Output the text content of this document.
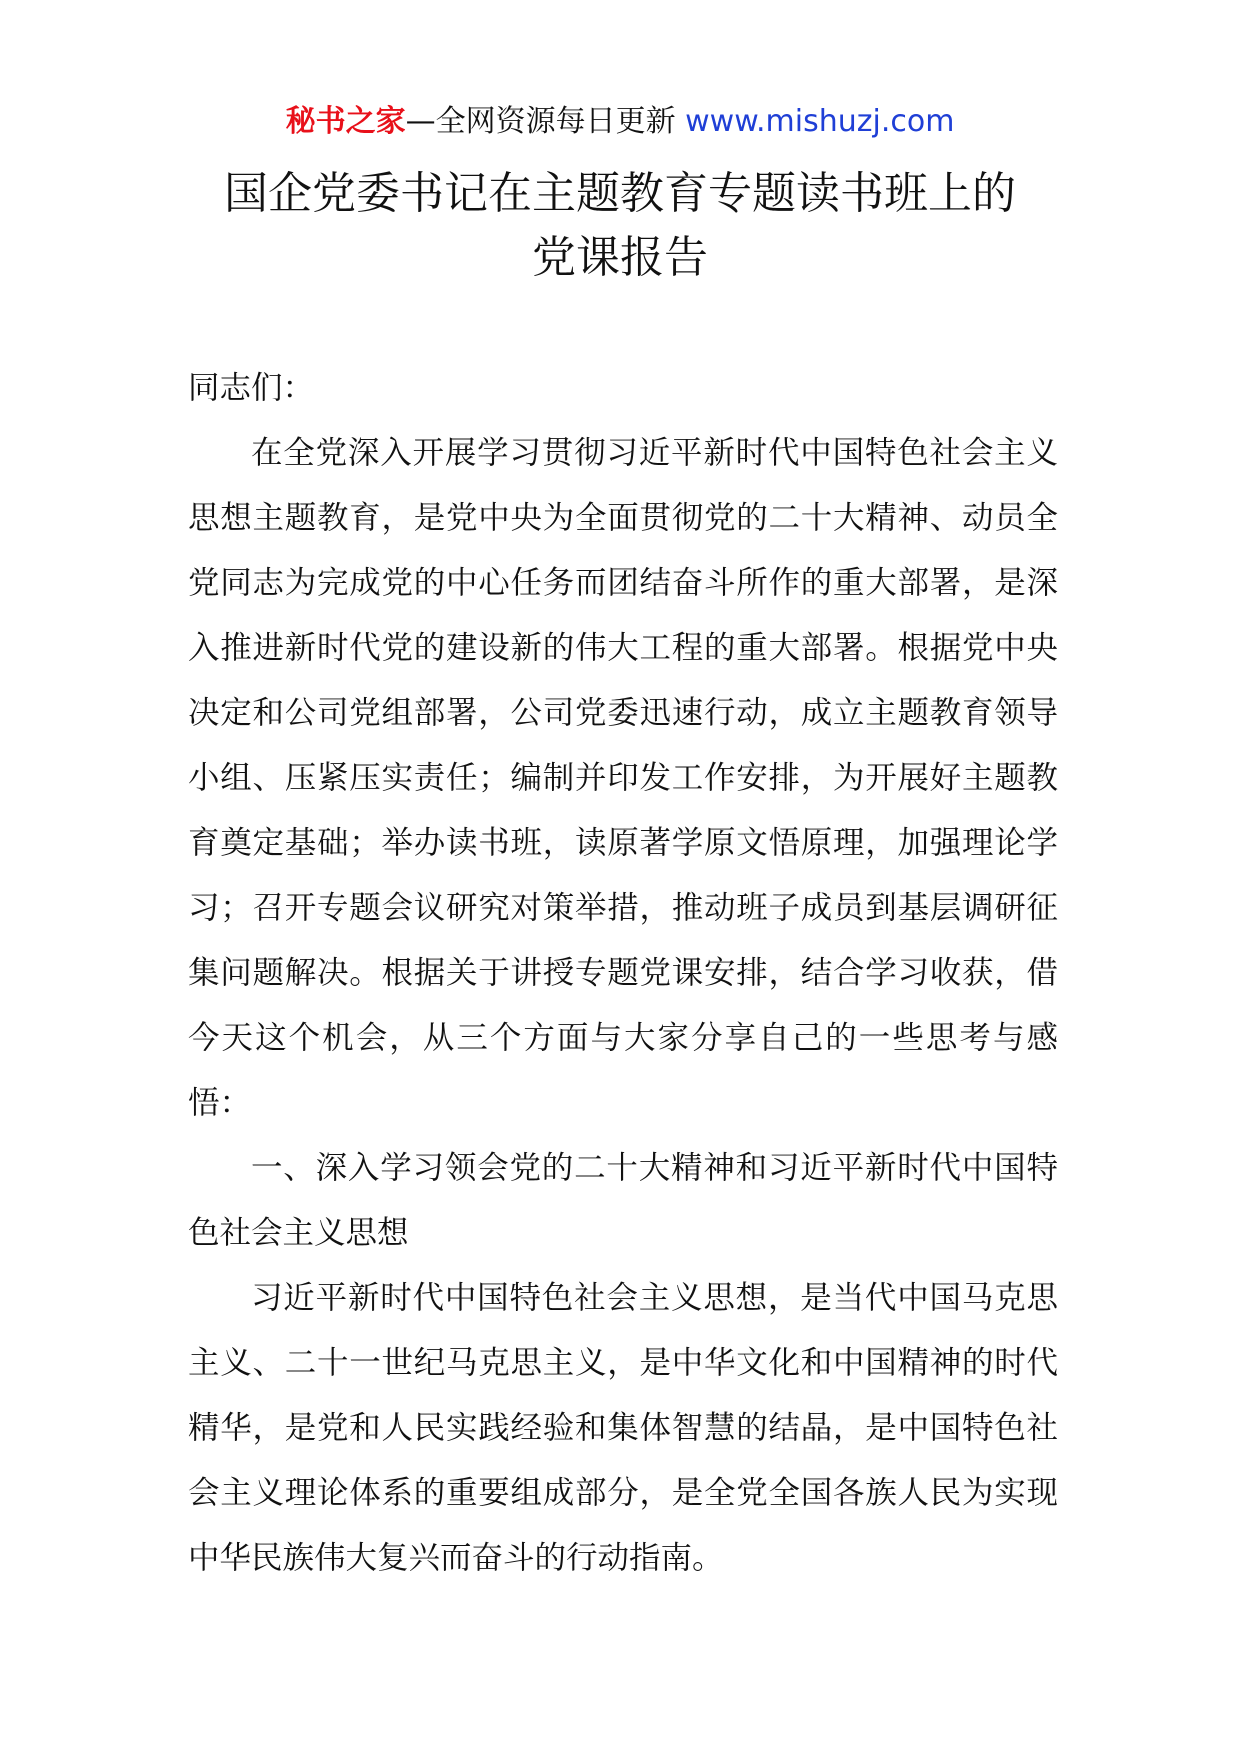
秘书之家—全网资源每日更新 www.mishuzj.com
国企党委书记在主题教育专题读书班上的
党课报告

同志们：

在全党深入开展学习贯彻习近平新时代中国特色社会主义思想主题教育，是党中央为全面贯彻党的二十大精神、动员全党同志为完成党的中心任务而团结奋斗所作的重大部署，是深入推进新时代党的建设新的伟大工程的重大部署。根据党中央决定和公司党组部署，公司党委迅速行动，成立主题教育领导小组、压紧压实责任；编制并印发工作安排，为开展好主题教育奠定基础；举办读书班，读原著学原文悟原理，加强理论学习；召开专题会议研究对策举措，推动班子成员到基层调研征集问题解决。根据关于讲授专题党课安排，结合学习收获，借今天这个机会，从三个方面与大家分享自己的一些思考与感悟：

一、深入学习领会党的二十大精神和习近平新时代中国特色社会主义思想

习近平新时代中国特色社会主义思想，是当代中国马克思主义、二十一世纪马克思主义，是中华文化和中国精神的时代精华，是党和人民实践经验和集体智慧的结晶，是中国特色社会主义理论体系的重要组成部分，是全党全国各族人民为实现中华民族伟大复兴而奋斗的行动指南。
